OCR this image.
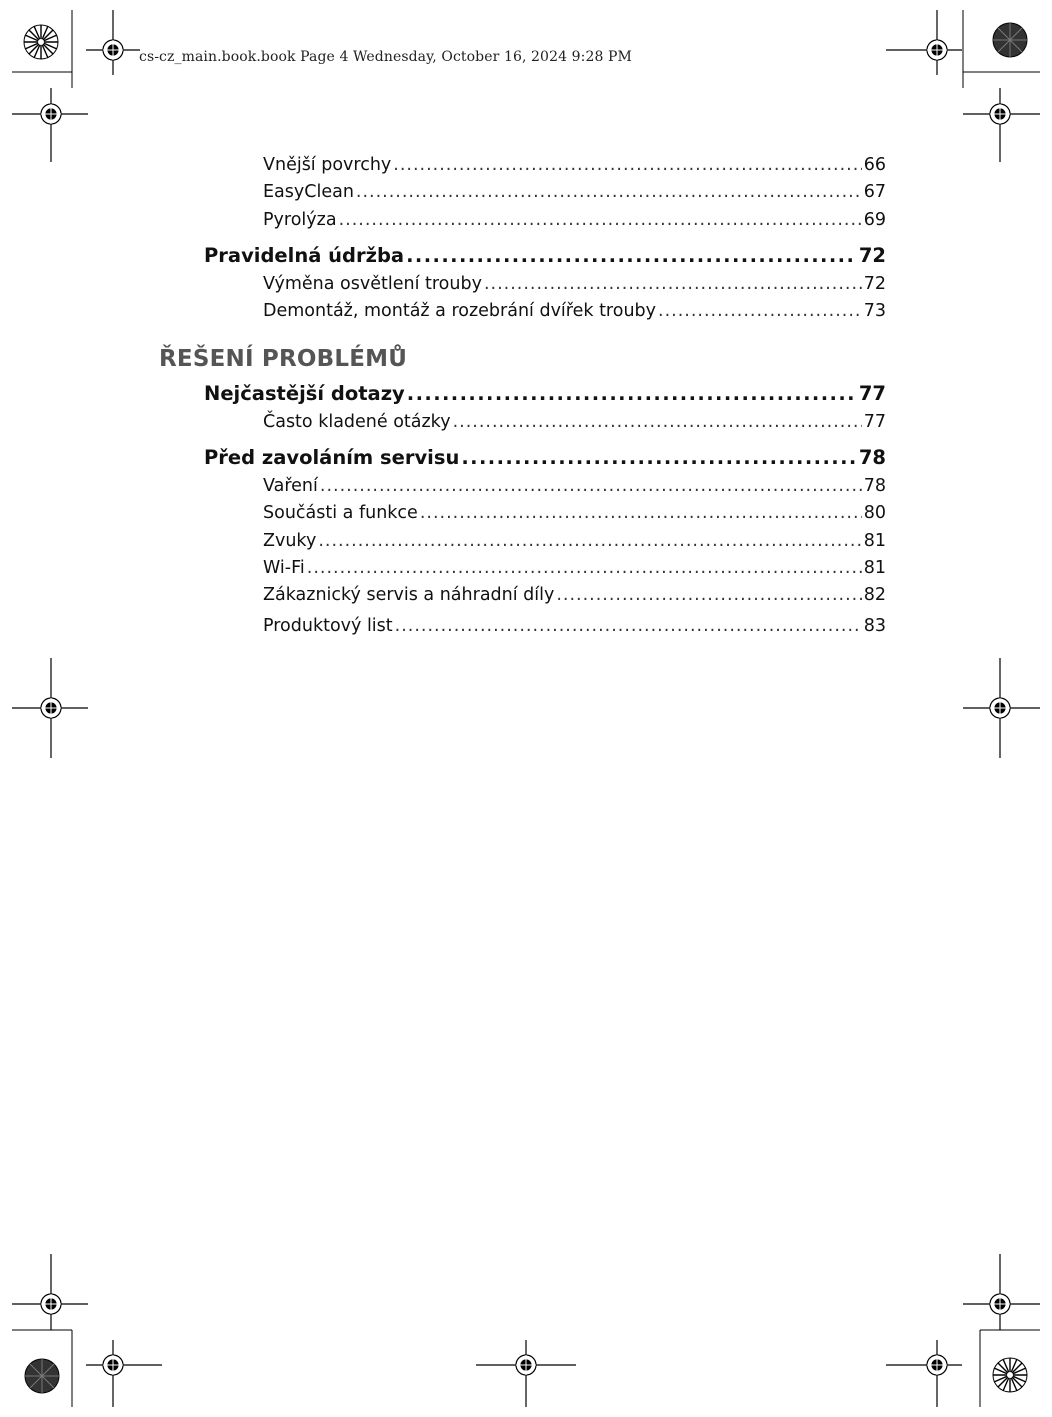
cs-cz_main.book.book Page 4 Wednesday, October 16, 2024 9:28 PM
Vnější povrchy .....	66
EasyClean .....	67
Pyrolýza .....	69
Pravidelná údržba .....	72
Výměna osvětlení trouby .....	72
Demontáž, montáž a rozebrání dvířek trouby .....	73
ŘEŠENÍ PROBLÉMŮ
Nejčastější dotazy .....	77
Často kladené otázky .....	77
Před zavoláním servisu .....	78
Vaření .....	78
Součásti a funkce .....	80
Zvuky .....	81
Wi-Fi .....	81
Zákaznický servis a náhradní díly .....	82
Produktový list .....	83
